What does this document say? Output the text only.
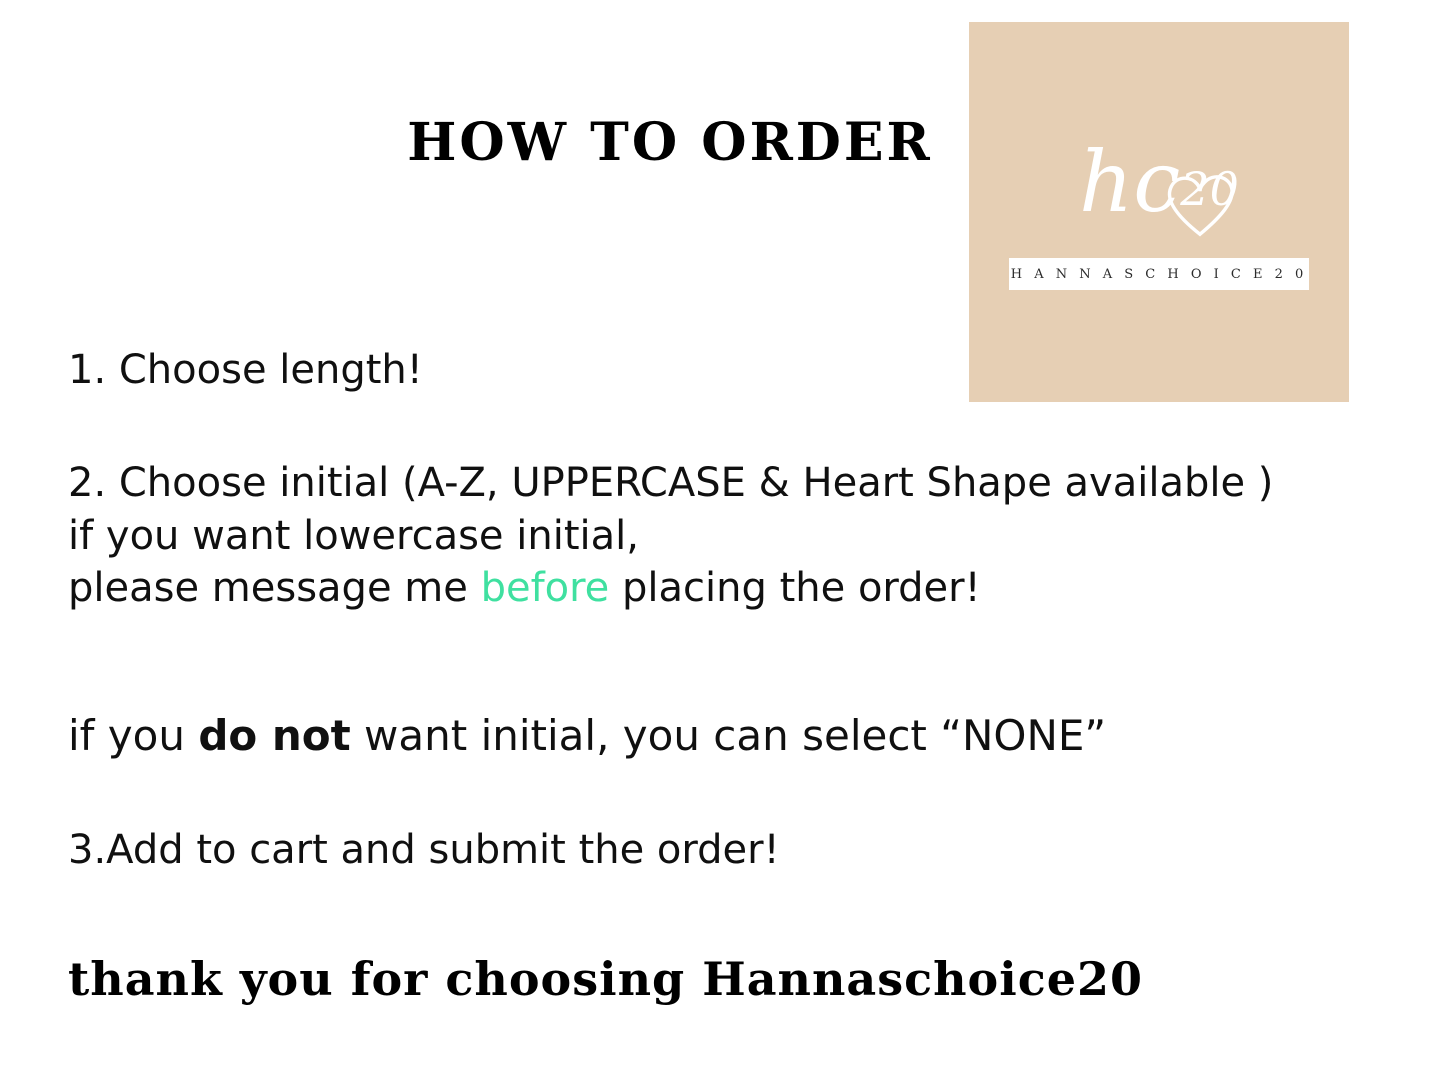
HOW TO ORDER	hc20
H A N N A S C H O I C E 2 0
1. Choose length!
2. Choose initial (A-Z, UPPERCASE & Heart Shape available )
if you want lowercase initial,
please message me before placing the order!
if you do not want initial, you can select “NONE”
3.Add to cart and submit the order!
thank you for choosing Hannaschoice20
